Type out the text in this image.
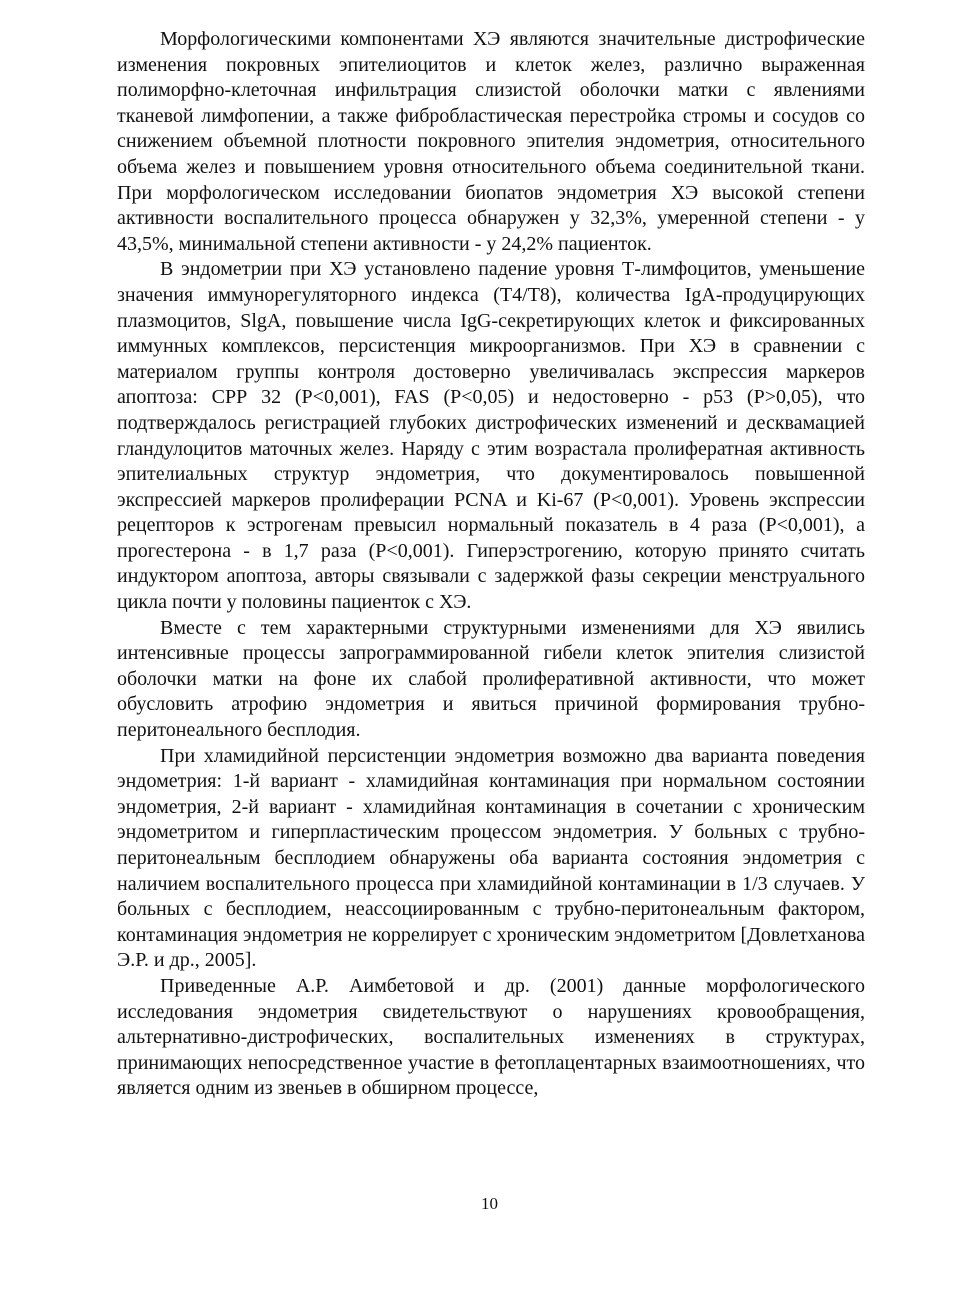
Морфологическими компонентами ХЭ являются значительные дистрофические изменения покровных эпителиоцитов и клеток желез, различно выраженная полиморфно-клеточная инфильтрация слизистой оболочки матки с явлениями тканевой лимфопении, а также фибробластическая перестройка стромы и сосудов со снижением объемной плотности покровного эпителия эндометрия, относительного объема желез и повышением уровня относительного объема соединительной ткани. При морфологическом исследовании биопатов эндометрия ХЭ высокой степени активности воспалительного процесса обнаружен у 32,3%, умеренной степени - у 43,5%, минимальной степени активности - у 24,2% пациенток.

В эндометрии при ХЭ установлено падение уровня Т-лимфоцитов, уменьшение значения иммунорегуляторного индекса (Т4/Т8), количества IgA-продуцирующих плазмоцитов, SlgA, повышение числа IgG-секретирующих клеток и фиксированных иммунных комплексов, персистенция микроорганизмов. При ХЭ в сравнении с материалом группы контроля достоверно увеличивалась экспрессия маркеров апоптоза: СРР 32 (Р<0,001), FAS (Р<0,05) и недостоверно - р53 (Р>0,05), что подтверждалось регистрацией глубоких дистрофических изменений и десквамацией гландулоцитов маточных желез. Наряду с этим возрастала пролифератная активность эпителиальных структур эндометрия, что документировалось повышенной экспрессией маркеров пролиферации PCNA и Ki-67 (Р<0,001). Уровень экспрессии рецепторов к эстрогенам превысил нормальный показатель в 4 раза (Р<0,001), а прогестерона - в 1,7 раза (Р<0,001). Гиперэстрогению, которую принято считать индуктором апоптоза, авторы связывали с задержкой фазы секреции менструального цикла почти у половины пациенток с ХЭ.

Вместе с тем характерными структурными изменениями для ХЭ явились интенсивные процессы запрограммированной гибели клеток эпителия слизистой оболочки матки на фоне их слабой пролиферативной активности, что может обусловить атрофию эндометрия и явиться причиной формирования трубно-перитонеального бесплодия.

При хламидийной персистенции эндометрия возможно два варианта поведения эндометрия: 1-й вариант - хламидийная контаминация при нормальном состоянии эндометрия, 2-й вариант - хламидийная контаминация в сочетании с хроническим эндометритом и гиперпластическим процессом эндометрия. У больных с трубно-перитонеальным бесплодием обнаружены оба варианта состояния эндометрия с наличием воспалительного процесса при хламидийной контаминации в 1/3 случаев. У больных с бесплодием, неассоциированным с трубно-перитонеальным фактором, контаминация эндометрия не коррелирует с хроническим эндометритом [Довлетханова Э.Р. и др., 2005].

Приведенные А.Р. Аимбетовой и др. (2001) данные морфологического исследования эндометрия свидетельствуют о нарушениях кровообращения, альтернативно-дистрофических, воспалительных изменениях в структурах, принимающих непосредственное участие в фетоплацентарных взаимоотношениях, что является одним из звеньев в обширном процессе,

10
